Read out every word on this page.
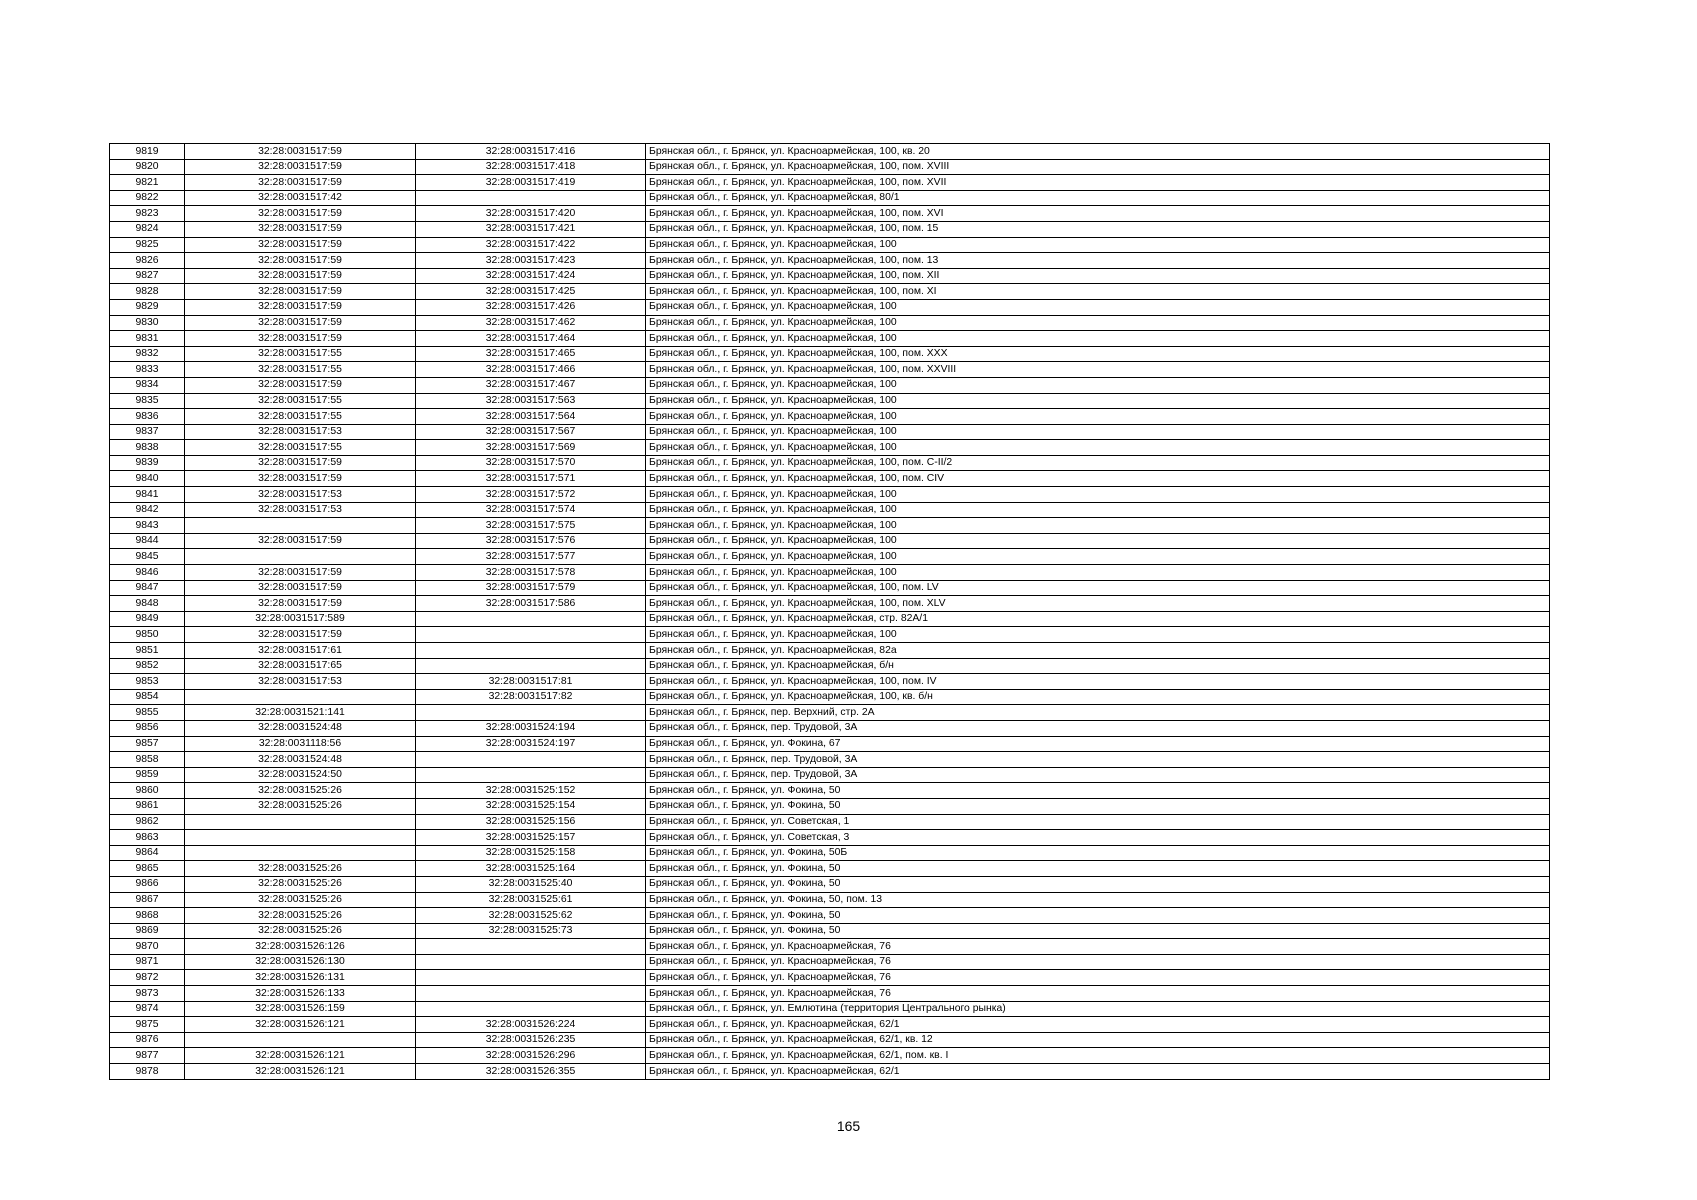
9819	32:28:0031517:59	32:28:0031517:416	Брянская обл., г. Брянск, ул. Красноармейская, 100, кв. 20
9820	32:28:0031517:59	32:28:0031517:418	Брянская обл., г. Брянск, ул. Красноармейская, 100, пом. XVIII
9821	32:28:0031517:59	32:28:0031517:419	Брянская обл., г. Брянск, ул. Красноармейская, 100, пом. XVII
9822	32:28:0031517:42		Брянская обл., г. Брянск, ул. Красноармейская, 80/1
9823	32:28:0031517:59	32:28:0031517:420	Брянская обл., г. Брянск, ул. Красноармейская, 100, пом. XVI
9824	32:28:0031517:59	32:28:0031517:421	Брянская обл., г. Брянск, ул. Красноармейская, 100, пом. 15
9825	32:28:0031517:59	32:28:0031517:422	Брянская обл., г. Брянск, ул. Красноармейская, 100
9826	32:28:0031517:59	32:28:0031517:423	Брянская обл., г. Брянск, ул. Красноармейская, 100, пом. 13
9827	32:28:0031517:59	32:28:0031517:424	Брянская обл., г. Брянск, ул. Красноармейская, 100, пом. XII
9828	32:28:0031517:59	32:28:0031517:425	Брянская обл., г. Брянск, ул. Красноармейская, 100, пом. XI
9829	32:28:0031517:59	32:28:0031517:426	Брянская обл., г. Брянск, ул. Красноармейская, 100
9830	32:28:0031517:59	32:28:0031517:462	Брянская обл., г. Брянск, ул. Красноармейская, 100
9831	32:28:0031517:59	32:28:0031517:464	Брянская обл., г. Брянск, ул. Красноармейская, 100
9832	32:28:0031517:55	32:28:0031517:465	Брянская обл., г. Брянск, ул. Красноармейская, 100, пом. XXX
9833	32:28:0031517:55	32:28:0031517:466	Брянская обл., г. Брянск, ул. Красноармейская, 100, пом. XXVIII
9834	32:28:0031517:59	32:28:0031517:467	Брянская обл., г. Брянск, ул. Красноармейская, 100
9835	32:28:0031517:55	32:28:0031517:563	Брянская обл., г. Брянск, ул. Красноармейская, 100
9836	32:28:0031517:55	32:28:0031517:564	Брянская обл., г. Брянск, ул. Красноармейская, 100
9837	32:28:0031517:53	32:28:0031517:567	Брянская обл., г. Брянск, ул. Красноармейская, 100
9838	32:28:0031517:55	32:28:0031517:569	Брянская обл., г. Брянск, ул. Красноармейская, 100
9839	32:28:0031517:59	32:28:0031517:570	Брянская обл., г. Брянск, ул. Красноармейская, 100, пом. C-II/2
9840	32:28:0031517:59	32:28:0031517:571	Брянская обл., г. Брянск, ул. Красноармейская, 100, пом. CIV
9841	32:28:0031517:53	32:28:0031517:572	Брянская обл., г. Брянск, ул. Красноармейская, 100
9842	32:28:0031517:53	32:28:0031517:574	Брянская обл., г. Брянск, ул. Красноармейская, 100
9843		32:28:0031517:575	Брянская обл., г. Брянск, ул. Красноармейская, 100
9844	32:28:0031517:59	32:28:0031517:576	Брянская обл., г. Брянск, ул. Красноармейская, 100
9845		32:28:0031517:577	Брянская обл., г. Брянск, ул. Красноармейская, 100
9846	32:28:0031517:59	32:28:0031517:578	Брянская обл., г. Брянск, ул. Красноармейская, 100
9847	32:28:0031517:59	32:28:0031517:579	Брянская обл., г. Брянск, ул. Красноармейская, 100, пом. LV
9848	32:28:0031517:59	32:28:0031517:586	Брянская обл., г. Брянск, ул. Красноармейская, 100, пом. XLV
9849	32:28:0031517:589		Брянская обл., г. Брянск, ул. Красноармейская, стр. 82А/1
9850	32:28:0031517:59		Брянская обл., г. Брянск, ул. Красноармейская, 100
9851	32:28:0031517:61		Брянская обл., г. Брянск, ул. Красноармейская, 82а
9852	32:28:0031517:65		Брянская обл., г. Брянск, ул. Красноармейская, б/н
9853	32:28:0031517:53	32:28:0031517:81	Брянская обл., г. Брянск, ул. Красноармейская, 100, пом. IV
9854		32:28:0031517:82	Брянская обл., г. Брянск, ул. Красноармейская, 100, кв. б/н
9855	32:28:0031521:141		Брянская обл., г. Брянск, пер. Верхний, стр. 2А
9856	32:28:0031524:48	32:28:0031524:194	Брянская обл., г. Брянск, пер. Трудовой, 3А
9857	32:28:0031118:56	32:28:0031524:197	Брянская обл., г. Брянск, ул. Фокина, 67
9858	32:28:0031524:48		Брянская обл., г. Брянск, пер. Трудовой, 3А
9859	32:28:0031524:50		Брянская обл., г. Брянск, пер. Трудовой, 3А
9860	32:28:0031525:26	32:28:0031525:152	Брянская обл., г. Брянск, ул. Фокина, 50
9861	32:28:0031525:26	32:28:0031525:154	Брянская обл., г. Брянск, ул. Фокина, 50
9862		32:28:0031525:156	Брянская обл., г. Брянск, ул. Советская, 1
9863		32:28:0031525:157	Брянская обл., г. Брянск, ул. Советская, 3
9864		32:28:0031525:158	Брянская обл., г. Брянск, ул. Фокина, 50Б
9865	32:28:0031525:26	32:28:0031525:164	Брянская обл., г. Брянск, ул. Фокина, 50
9866	32:28:0031525:26	32:28:0031525:40	Брянская обл., г. Брянск, ул. Фокина, 50
9867	32:28:0031525:26	32:28:0031525:61	Брянская обл., г. Брянск, ул. Фокина, 50, пом. 13
9868	32:28:0031525:26	32:28:0031525:62	Брянская обл., г. Брянск, ул. Фокина, 50
9869	32:28:0031525:26	32:28:0031525:73	Брянская обл., г. Брянск, ул. Фокина, 50
9870	32:28:0031526:126		Брянская обл., г. Брянск, ул. Красноармейская, 76
9871	32:28:0031526:130		Брянская обл., г. Брянск, ул. Красноармейская, 76
9872	32:28:0031526:131		Брянская обл., г. Брянск, ул. Красноармейская, 76
9873	32:28:0031526:133		Брянская обл., г. Брянск, ул. Красноармейская, 76
9874	32:28:0031526:159		Брянская обл., г. Брянск, ул. Емлютина (территория Центрального рынка)
9875	32:28:0031526:121	32:28:0031526:224	Брянская обл., г. Брянск, ул. Красноармейская, 62/1
9876		32:28:0031526:235	Брянская обл., г. Брянск, ул. Красноармейская, 62/1, кв. 12
9877	32:28:0031526:121	32:28:0031526:296	Брянская обл., г. Брянск, ул. Красноармейская, 62/1, пом. кв. I
9878	32:28:0031526:121	32:28:0031526:355	Брянская обл., г. Брянск, ул. Красноармейская, 62/1
165
